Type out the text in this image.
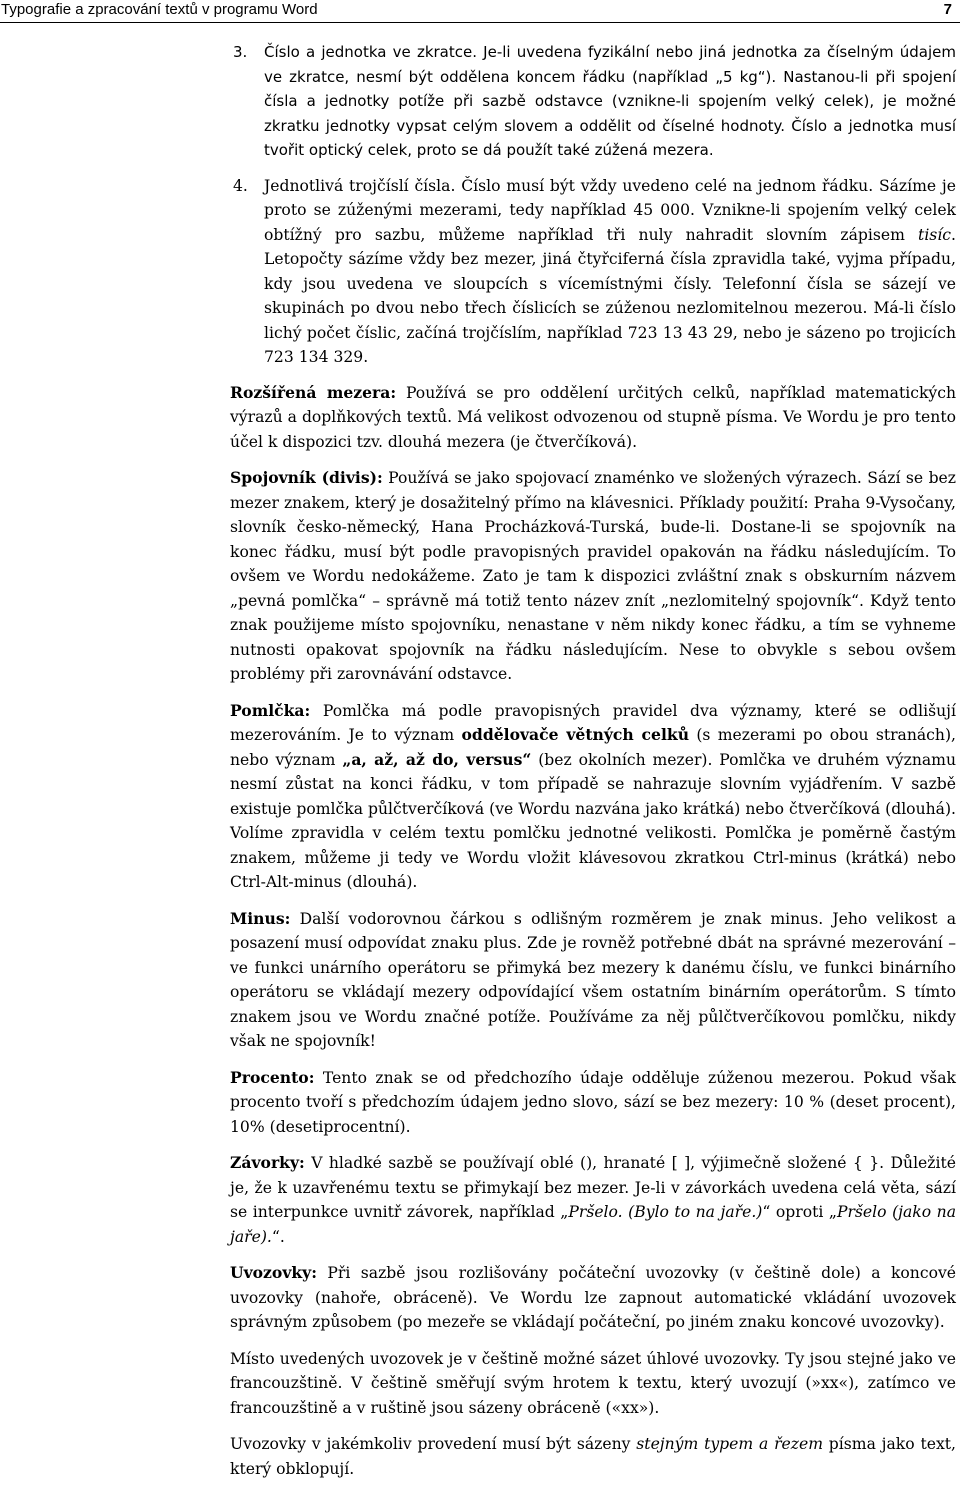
Typografie a zpracování textů v programu Word	7
3. Číslo a jednotka ve zkratce. Je-li uvedena fyzikální nebo jiná jednotka za číselným údajem ve zkratce, nesmí být oddělena koncem řádku (například „5 kg“). Nastanou-li při spojení čísla a jednotky potíže při sazbě odstavce (vznikne-li spojením velký celek), je možné zkratku jednotky vypsat celým slovem a oddělit od číselné hodnoty. Číslo a jednotka musí tvořit optický celek, proto se dá použít také zúžená mezera.
4. Jednotlivá trojčíslí čísla. Číslo musí být vždy uvedeno celé na jednom řádku. Sázíme je proto se zúženými mezerami, tedy například 45 000. Vznikne-li spojením velký celek obtížný pro sazbu, můžeme například tři nuly nahradit slovním zápisem tisíc. Letopočty sázíme vždy bez mezer, jiná čtyřciferná čísla zpravidla také, vyjma případu, kdy jsou uvedena ve sloupcích s vícemístnými čísly. Telefonní čísla se sázejí ve skupinách po dvou nebo třech číslicích se zúženou nezlomitelnou mezerou. Má-li číslo lichý počet číslic, začíná trojčíslím, například 723 13 43 29, nebo je sázeno po trojicích 723 134 329.

Rozšířená mezera: Používá se pro oddělení určitých celků, například matematických výrazů a doplňkových textů. Má velikost odvozenou od stupně písma. Ve Wordu je pro tento účel k dispozici tzv. dlouhá mezera (je čtverčíková).

Spojovník (divis): Používá se jako spojovací znaménko ve složených výrazech. Sází se bez mezer znakem, který je dosažitelný přímo na klávesnici. Příklady použití: Praha 9-Vysočany, slovník česko-německý, Hana Procházková-Turská, bude-li. Dostane-li se spojovník na konec řádku, musí být podle pravopisných pravidel opakován na řádku následujícím. To ovšem ve Wordu nedokážeme. Zato je tam k dispozici zvláštní znak s obskurním názvem „pevná pomlčka“ – správně má totiž tento název znít „nezlomitelný spojovník“. Když tento znak použijeme místo spojovníku, nenastane v něm nikdy konec řádku, a tím se vyhneme nutnosti opakovat spojovník na řádku následujícím. Nese to obvykle s sebou ovšem problémy při zarovnávání odstavce.

Pomlčka: Pomlčka má podle pravopisných pravidel dva významy, které se odlišují mezerováním. Je to význam oddělovače větných celků (s mezerami po obou stranách), nebo význam „a, až, až do, versus“ (bez okolních mezer). Pomlčka ve druhém významu nesmí zůstat na konci řádku, v tom případě se nahrazuje slovním vyjádřením. V sazbě existuje pomlčka půlčtverčíková (ve Wordu nazvána jako krátká) nebo čtverčíková (dlouhá). Volíme zpravidla v celém textu pomlčku jednotné velikosti. Pomlčka je poměrně častým znakem, můžeme ji tedy ve Wordu vložit klávesovou zkratkou Ctrl-minus (krátká) nebo Ctrl-Alt-minus (dlouhá).

Minus: Další vodorovnou čárkou s odlišným rozměrem je znak minus. Jeho velikost a posazení musí odpovídat znaku plus. Zde je rovněž potřebné dbát na správné mezerování – ve funkci unárního operátoru se přimyká bez mezery k danému číslu, ve funkci binárního operátoru se vkládají mezery odpovídající všem ostatním binárním operátorům. S tímto znakem jsou ve Wordu značné potíže. Používáme za něj půlčtverčíkovou pomlčku, nikdy však ne spojovník!

Procento: Tento znak se od předchozího údaje odděluje zúženou mezerou. Pokud však procento tvoří s předchozím údajem jedno slovo, sází se bez mezery: 10 % (deset procent), 10% (desetiprocentní).

Závorky: V hladké sazbě se používají oblé (), hranaté [ ], výjimečně složené { }. Důležité je, že k uzavřenému textu se přimykají bez mezer. Je-li v závorkách uvedena celá věta, sází se interpunkce uvnitř závorek, například „Pršelo. (Bylo to na jaře.)“ oproti „Pršelo (jako na jaře).“.

Uvozovky: Při sazbě jsou rozlišovány počáteční uvozovky (v češtině dole) a koncové uvozovky (nahoře, obráceně). Ve Wordu lze zapnout automatické vkládání uvozovek správným způsobem (po mezeře se vkládají počáteční, po jiném znaku koncové uvozovky).

Místo uvedených uvozovek je v češtině možné sázet úhlové uvozovky. Ty jsou stejné jako ve francouzštině. V češtině směřují svým hrotem k textu, který uvozují (»xx«), zatímco ve francouzštině a v ruštině jsou sázeny obráceně («xx»).

Uvozovky v jakémkoliv provedení musí být sázeny stejným typem a řezem písma jako text, který obklopují.
